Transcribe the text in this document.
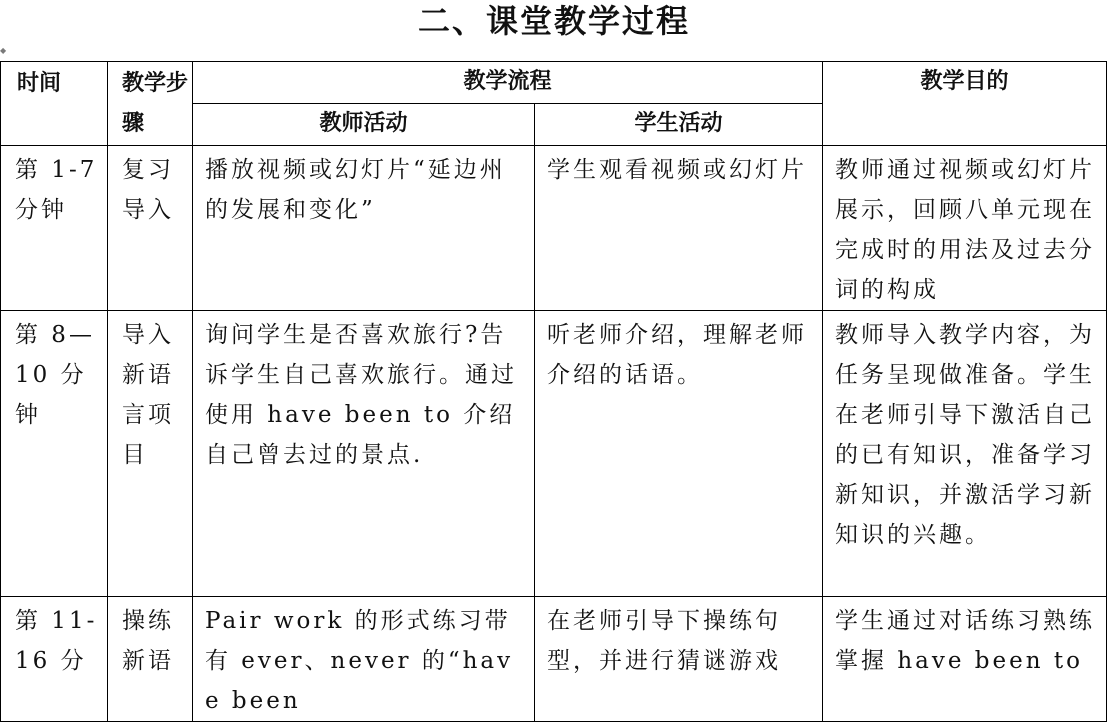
二、课堂教学过程
◆
时间	教学步骤	教学流程		教学目的
		教师活动	学生活动	
第 1-7 分钟	复习导入	播放视频或幻灯片“延边州的发展和变化”	学生观看视频或幻灯片	教师通过视频或幻灯片展示，回顾八单元现在完成时的用法及过去分词的构成
第 8—10 分钟	导入新语言项目	询问学生是否喜欢旅行?告诉学生自己喜欢旅行。通过使用 have been to 介绍自己曾去过的景点.	听老师介绍，理解老师介绍的话语。	教师导入教学内容，为任务呈现做准备。学生在老师引导下激活自己的已有知识，准备学习新知识，并激活学习新知识的兴趣。
第 11-16 分	操练新语	Pair work 的形式练习带有 ever、never 的“have been	在老师引导下操练句型，并进行猜谜游戏	学生通过对话练习熟练掌握 have been to
